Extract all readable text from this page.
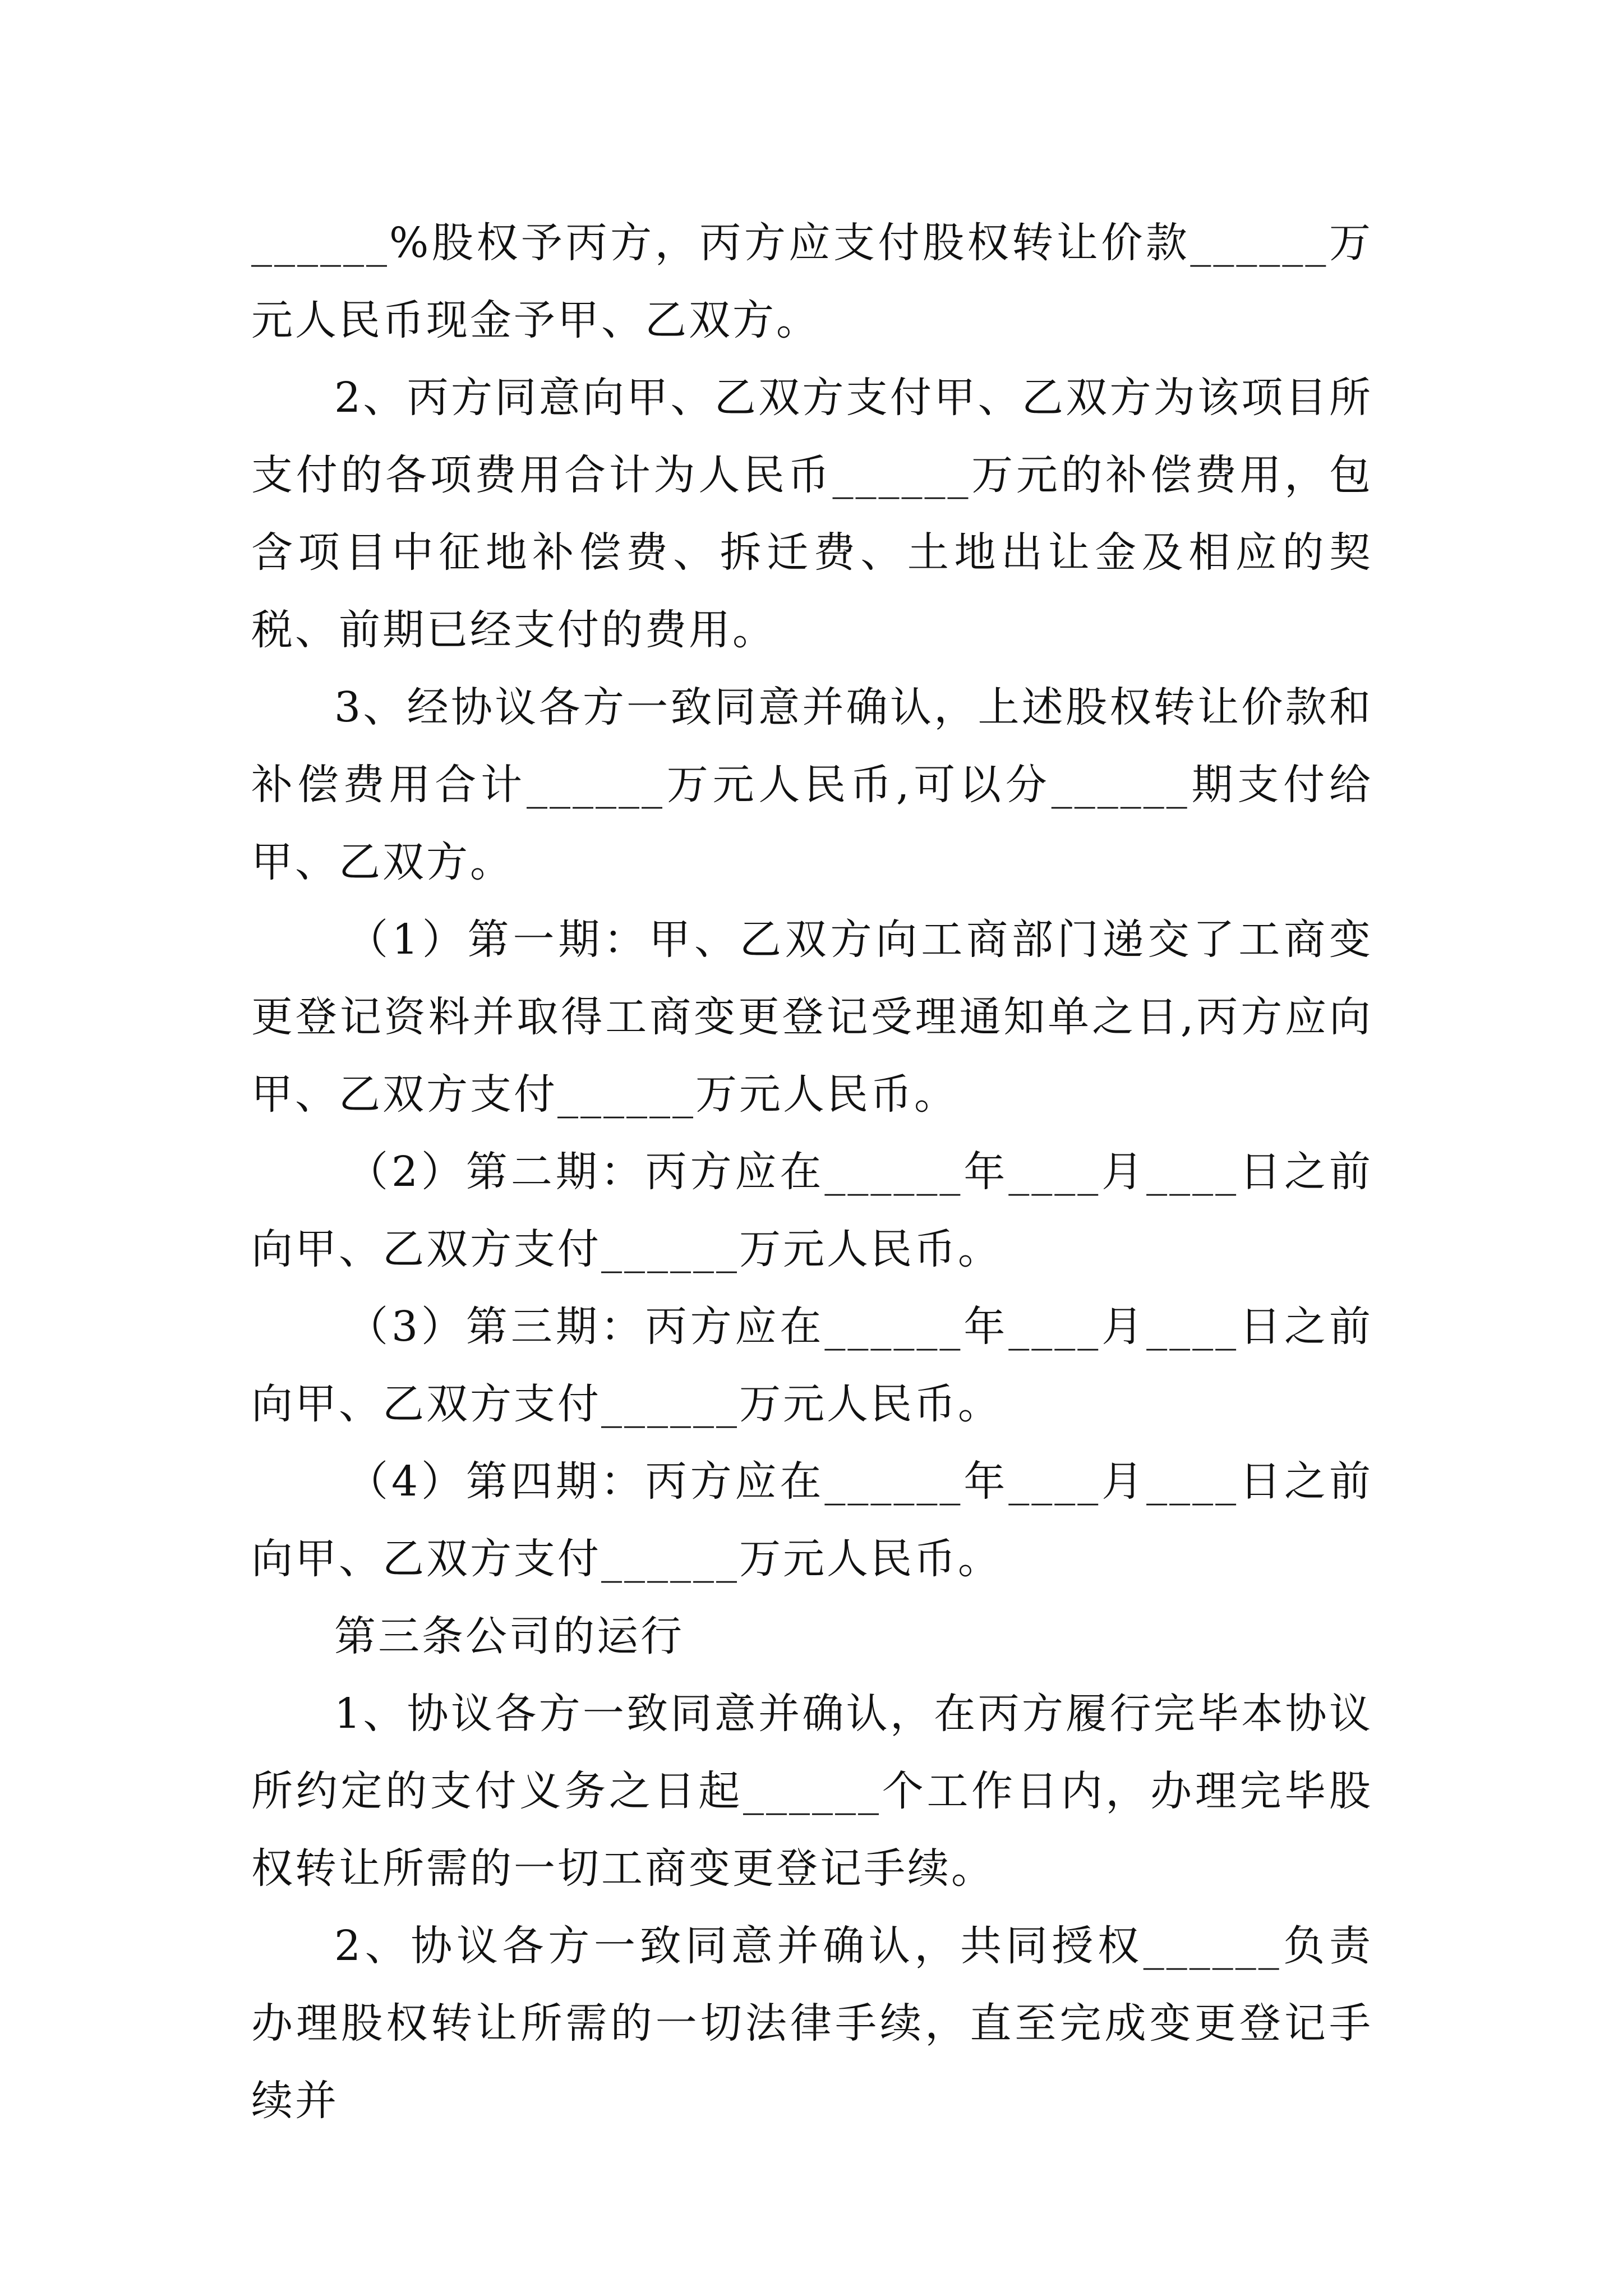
______%股权予丙方，丙方应支付股权转让价款______万元人民币现金予甲、乙双方。

2、丙方同意向甲、乙双方支付甲、乙双方为该项目所支付的各项费用合计为人民币______万元的补偿费用，包含项目中征地补偿费、拆迁费、土地出让金及相应的契税、前期已经支付的费用。

3、经协议各方一致同意并确认，上述股权转让价款和补偿费用合计______万元人民币,可以分______期支付给甲、乙双方。

（1）第一期：甲、乙双方向工商部门递交了工商变更登记资料并取得工商变更登记受理通知单之日,丙方应向甲、乙双方支付______万元人民币。

（2）第二期：丙方应在______年____月____日之前向甲、乙双方支付______万元人民币。

（3）第三期：丙方应在______年____月____日之前向甲、乙双方支付______万元人民币。

（4）第四期：丙方应在______年____月____日之前向甲、乙双方支付______万元人民币。

第三条公司的运行

1、协议各方一致同意并确认，在丙方履行完毕本协议所约定的支付义务之日起______个工作日内，办理完毕股权转让所需的一切工商变更登记手续。

2、协议各方一致同意并确认，共同授权______负责办理股权转让所需的一切法律手续，直至完成变更登记手续并
